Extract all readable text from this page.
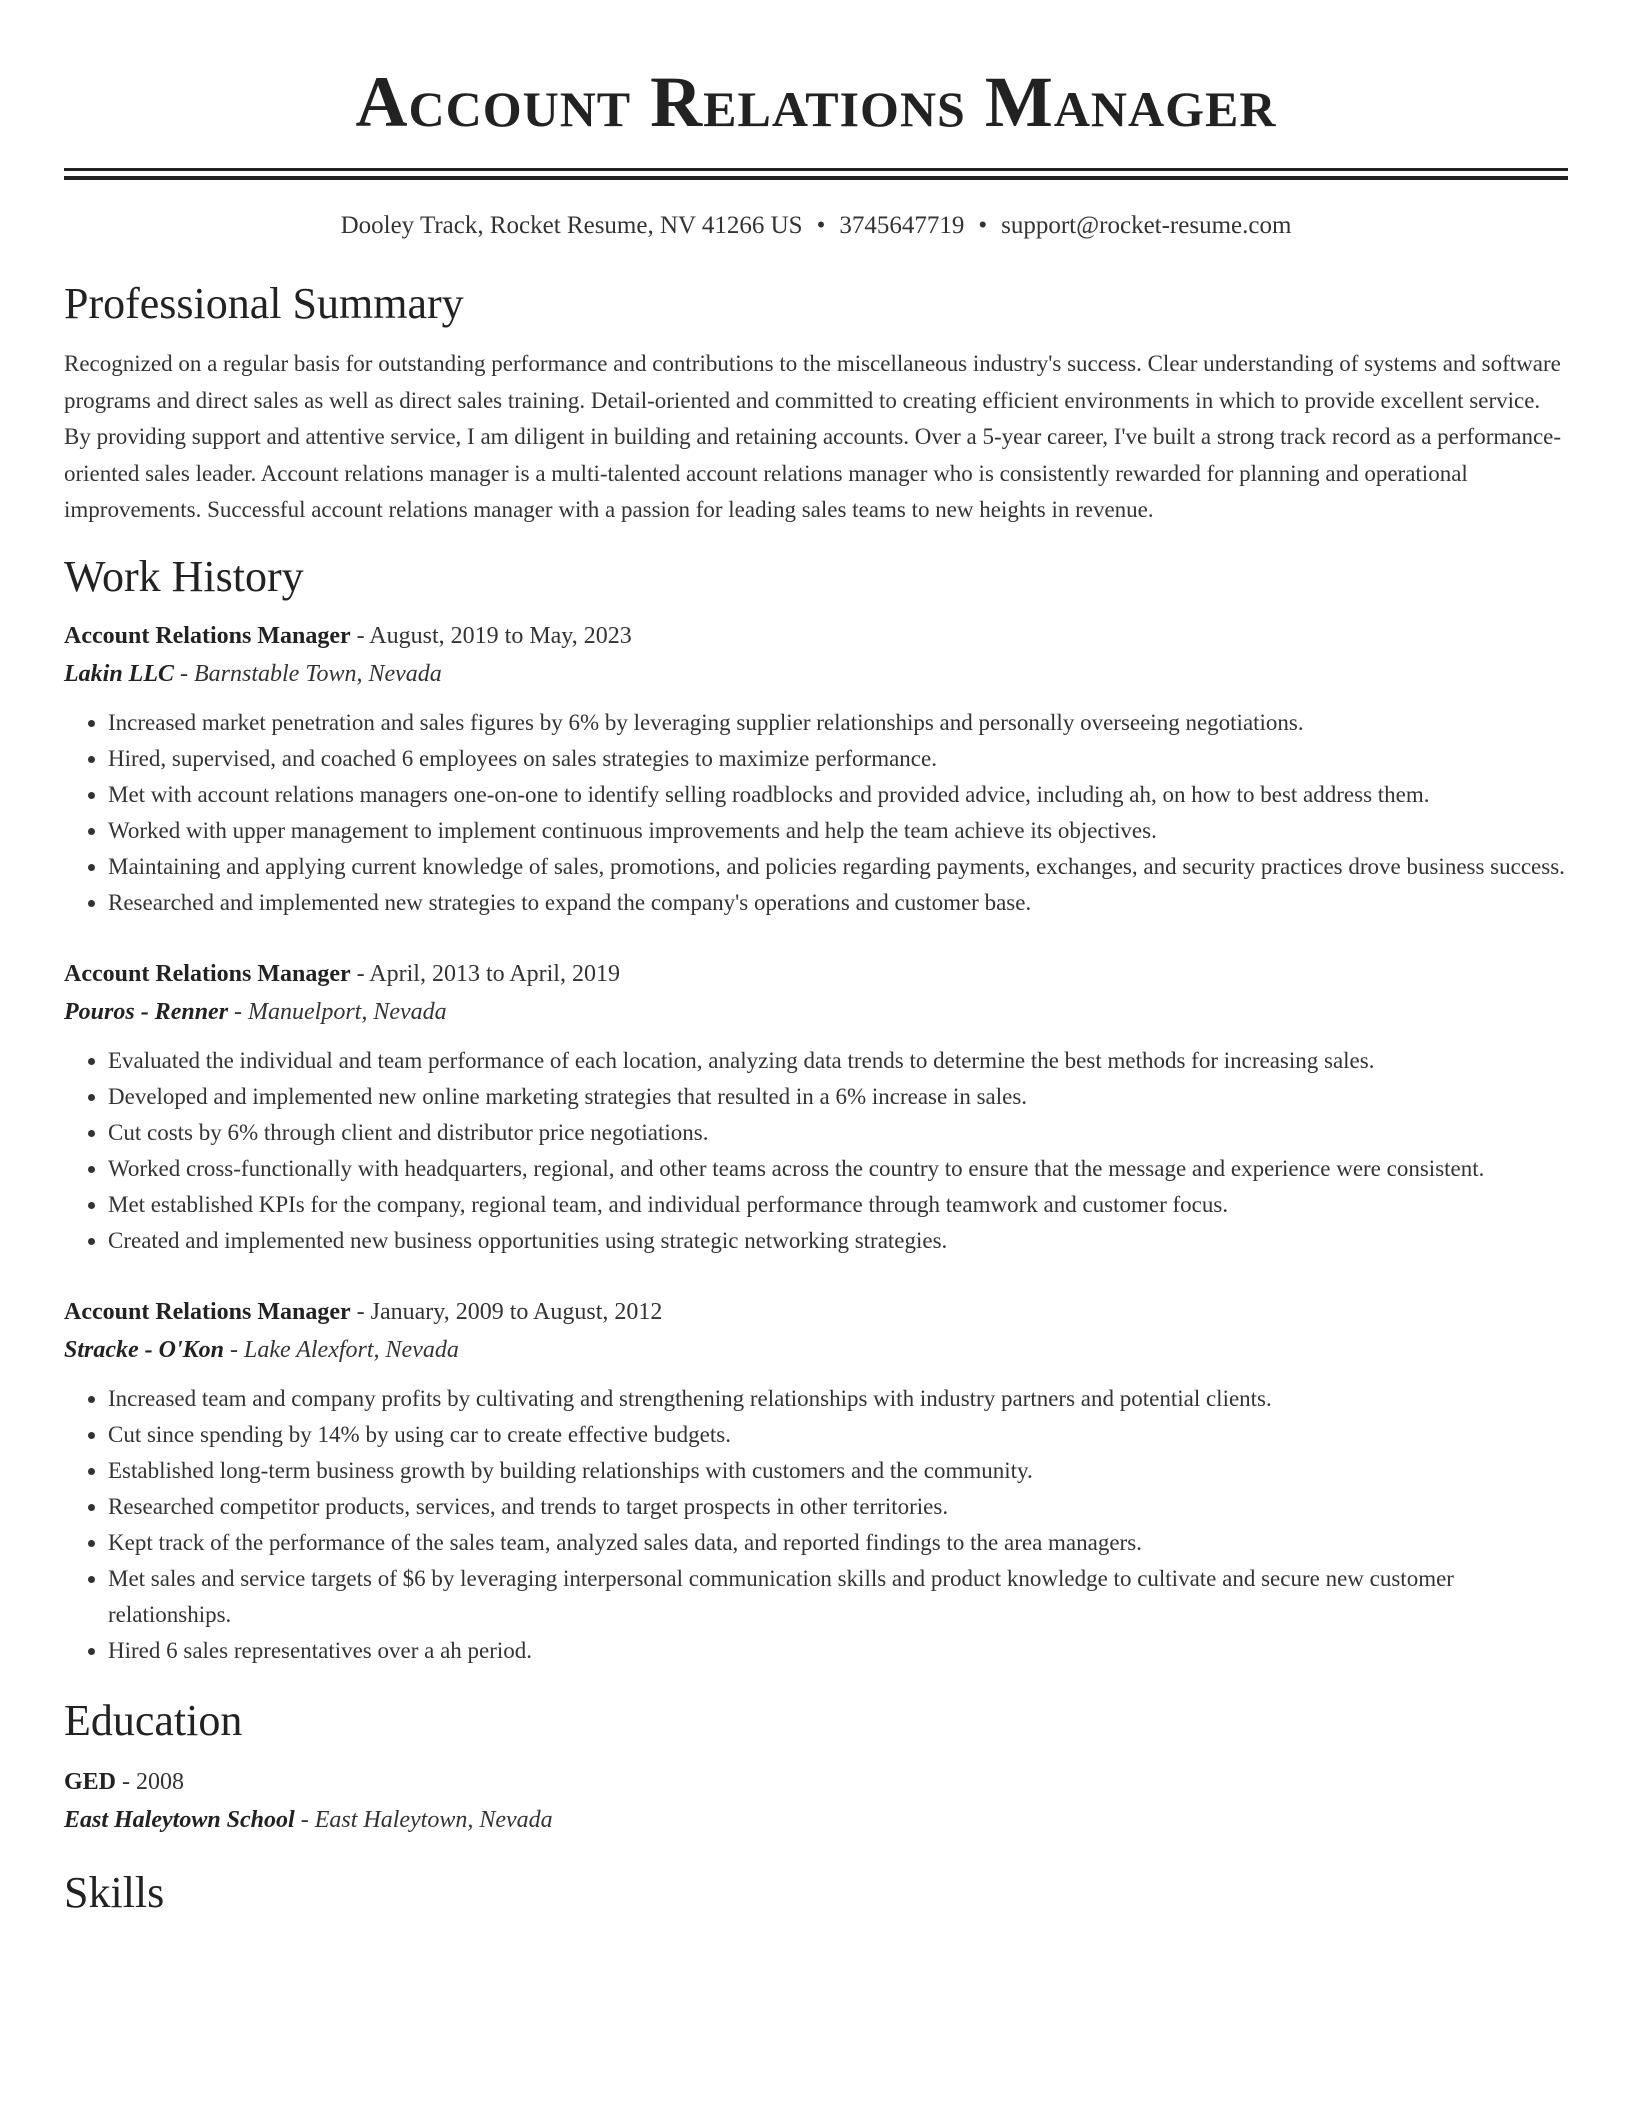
Account Relations Manager
Dooley Track, Rocket Resume, NV 41266 US • 3745647719 • support@rocket-resume.com
Professional Summary
Recognized on a regular basis for outstanding performance and contributions to the miscellaneous industry's success. Clear understanding of systems and software programs and direct sales as well as direct sales training. Detail-oriented and committed to creating efficient environments in which to provide excellent service. By providing support and attentive service, I am diligent in building and retaining accounts. Over a 5-year career, I've built a strong track record as a performance-oriented sales leader. Account relations manager is a multi-talented account relations manager who is consistently rewarded for planning and operational improvements. Successful account relations manager with a passion for leading sales teams to new heights in revenue.
Work History
Account Relations Manager - August, 2019 to May, 2023
Lakin LLC - Barnstable Town, Nevada
• Increased market penetration and sales figures by 6% by leveraging supplier relationships and personally overseeing negotiations.
• Hired, supervised, and coached 6 employees on sales strategies to maximize performance.
• Met with account relations managers one-on-one to identify selling roadblocks and provided advice, including ah, on how to best address them.
• Worked with upper management to implement continuous improvements and help the team achieve its objectives.
• Maintaining and applying current knowledge of sales, promotions, and policies regarding payments, exchanges, and security practices drove business success.
• Researched and implemented new strategies to expand the company's operations and customer base.
Account Relations Manager - April, 2013 to April, 2019
Pouros - Renner - Manuelport, Nevada
• Evaluated the individual and team performance of each location, analyzing data trends to determine the best methods for increasing sales.
• Developed and implemented new online marketing strategies that resulted in a 6% increase in sales.
• Cut costs by 6% through client and distributor price negotiations.
• Worked cross-functionally with headquarters, regional, and other teams across the country to ensure that the message and experience were consistent.
• Met established KPIs for the company, regional team, and individual performance through teamwork and customer focus.
• Created and implemented new business opportunities using strategic networking strategies.
Account Relations Manager - January, 2009 to August, 2012
Stracke - O'Kon - Lake Alexfort, Nevada
• Increased team and company profits by cultivating and strengthening relationships with industry partners and potential clients.
• Cut since spending by 14% by using car to create effective budgets.
• Established long-term business growth by building relationships with customers and the community.
• Researched competitor products, services, and trends to target prospects in other territories.
• Kept track of the performance of the sales team, analyzed sales data, and reported findings to the area managers.
• Met sales and service targets of $6 by leveraging interpersonal communication skills and product knowledge to cultivate and secure new customer relationships.
• Hired 6 sales representatives over a ah period.
Education
GED - 2008
East Haleytown School - East Haleytown, Nevada
Skills
